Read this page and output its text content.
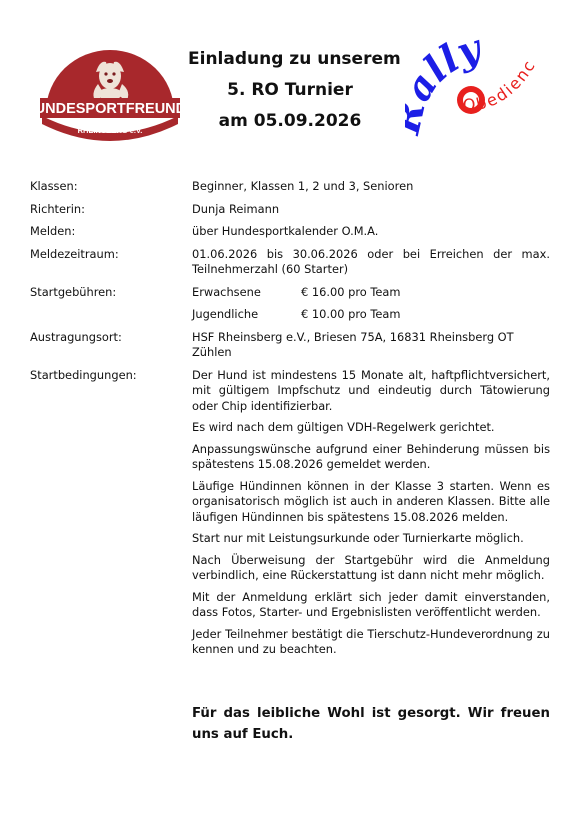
HUNDESPORTFREUNDE
RHEINSBERG e.V.
Einladung zu unserem
5. RO Turnier
am 05.09.2026
lly
Obedienc
Klassen:	Beginner, Klassen 1, 2 und 3, Senioren
Richterin:	Dunja Reimann
Melden:	über Hundesportkalender O.M.A.
Meldezeitraum:	01.06.2026 bis 30.06.2026 oder bei Erreichen der max. Teilnehmerzahl (60 Starter)
Startgebühren:	Erwachsene	€ 16.00 pro Team
Jugendliche	€ 10.00 pro Team
Austragungsort:	HSF Rheinsberg e.V., Briesen 75A, 16831 Rheinsberg OT Zühlen
Startbedingungen:	Der Hund ist mindestens 15 Monate alt, haftpflichtversichert, mit gültigem Impfschutz und eindeutig durch Tätowierung oder Chip identifizierbar.

Es wird nach dem gültigen VDH-Regelwerk gerichtet.

Anpassungswünsche aufgrund einer Behinderung müssen bis spätestens 15.08.2026 gemeldet werden.

Läufige Hündinnen können in der Klasse 3 starten. Wenn es organisatorisch möglich ist auch in anderen Klassen. Bitte alle läufigen Hündinnen bis spätestens 15.08.2026 melden.

Start nur mit Leistungsurkunde oder Turnierkarte möglich.

Nach Überweisung der Startgebühr wird die Anmeldung verbindlich, eine Rückerstattung ist dann nicht mehr möglich.

Mit der Anmeldung erklärt sich jeder damit einverstanden, dass Fotos, Starter- und Ergebnislisten veröffentlicht werden.

Jeder Teilnehmer bestätigt die Tierschutz-Hundeverordnung zu kennen und zu beachten.

Für das leibliche Wohl ist gesorgt. Wir freuen uns auf Euch.
